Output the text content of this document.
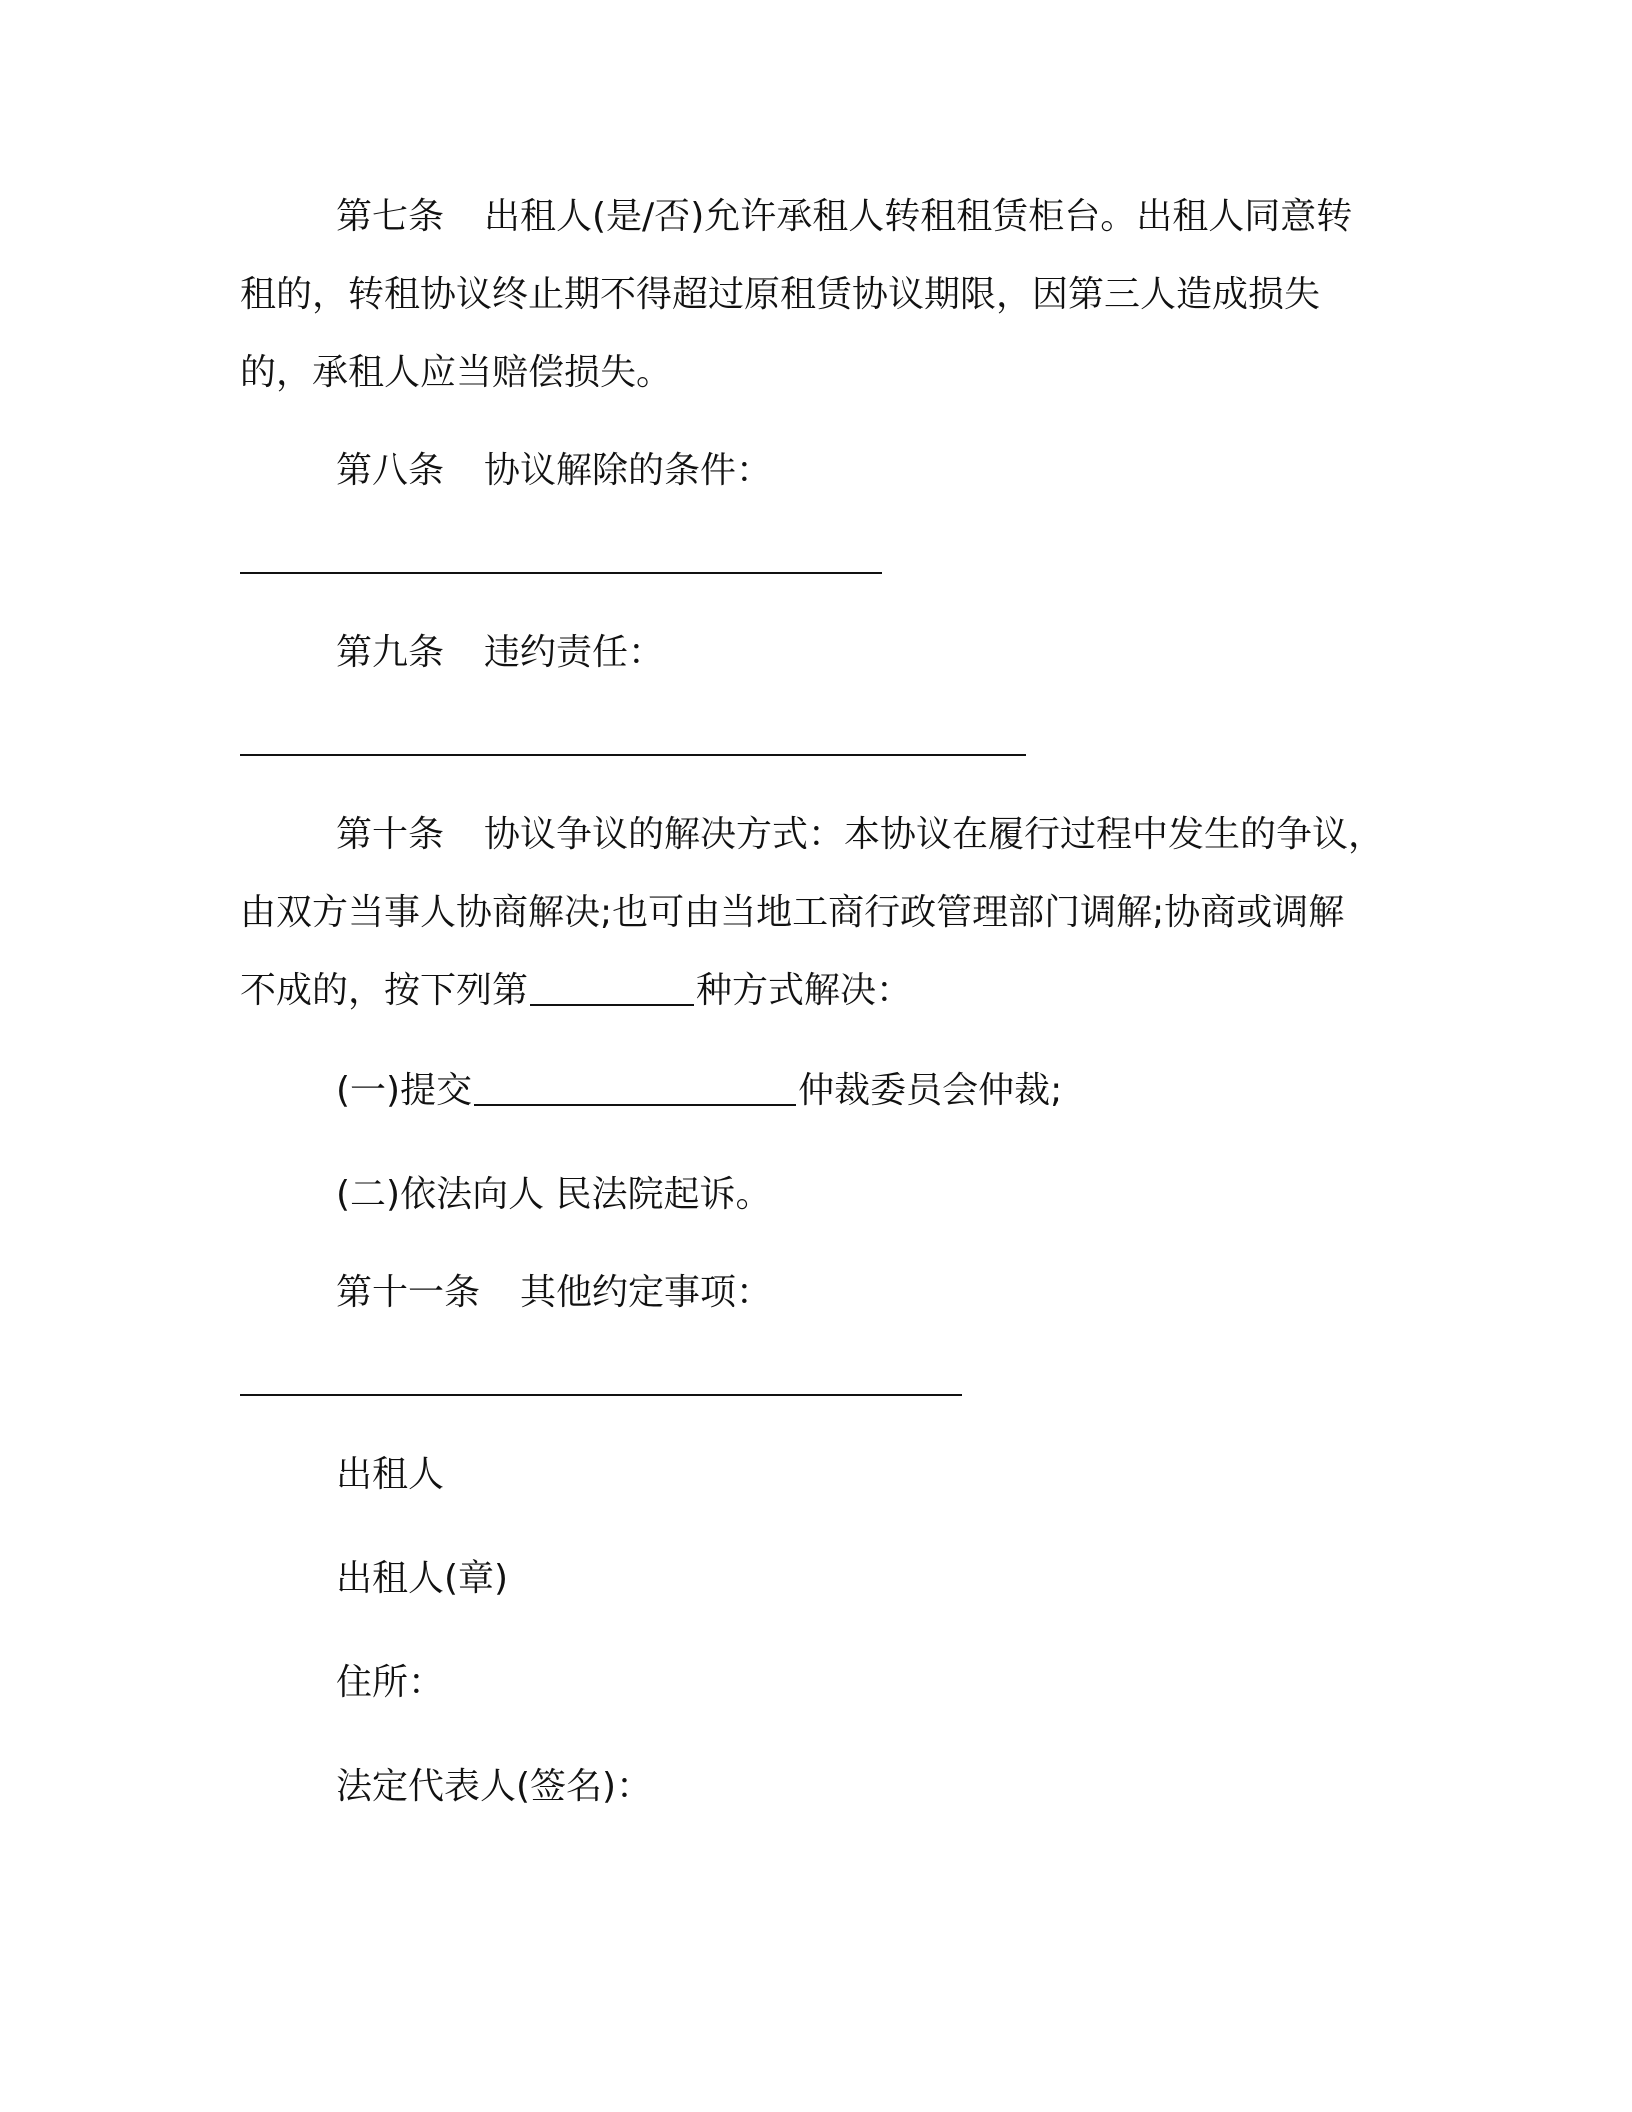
第七条 出租人(是/否)允许承租人转租租赁柜台。出租人同意转
租的，转租协议终止期不得超过原租赁协议期限，因第三人造成损失
的，承租人应当赔偿损失。
第八条 协议解除的条件：
第九条 违约责任：
第十条 协议争议的解决方式：本协议在履行过程中发生的争议，
由双方当事人协商解决;也可由当地工商行政管理部门调解;协商或调解
不成的，按下列第	种方式解决：
(一)提交	仲裁委员会仲裁;
(二)依法向人 民法院起诉。
第十一条 其他约定事项：
出租人
出租人(章)
住所：
法定代表人(签名)：
